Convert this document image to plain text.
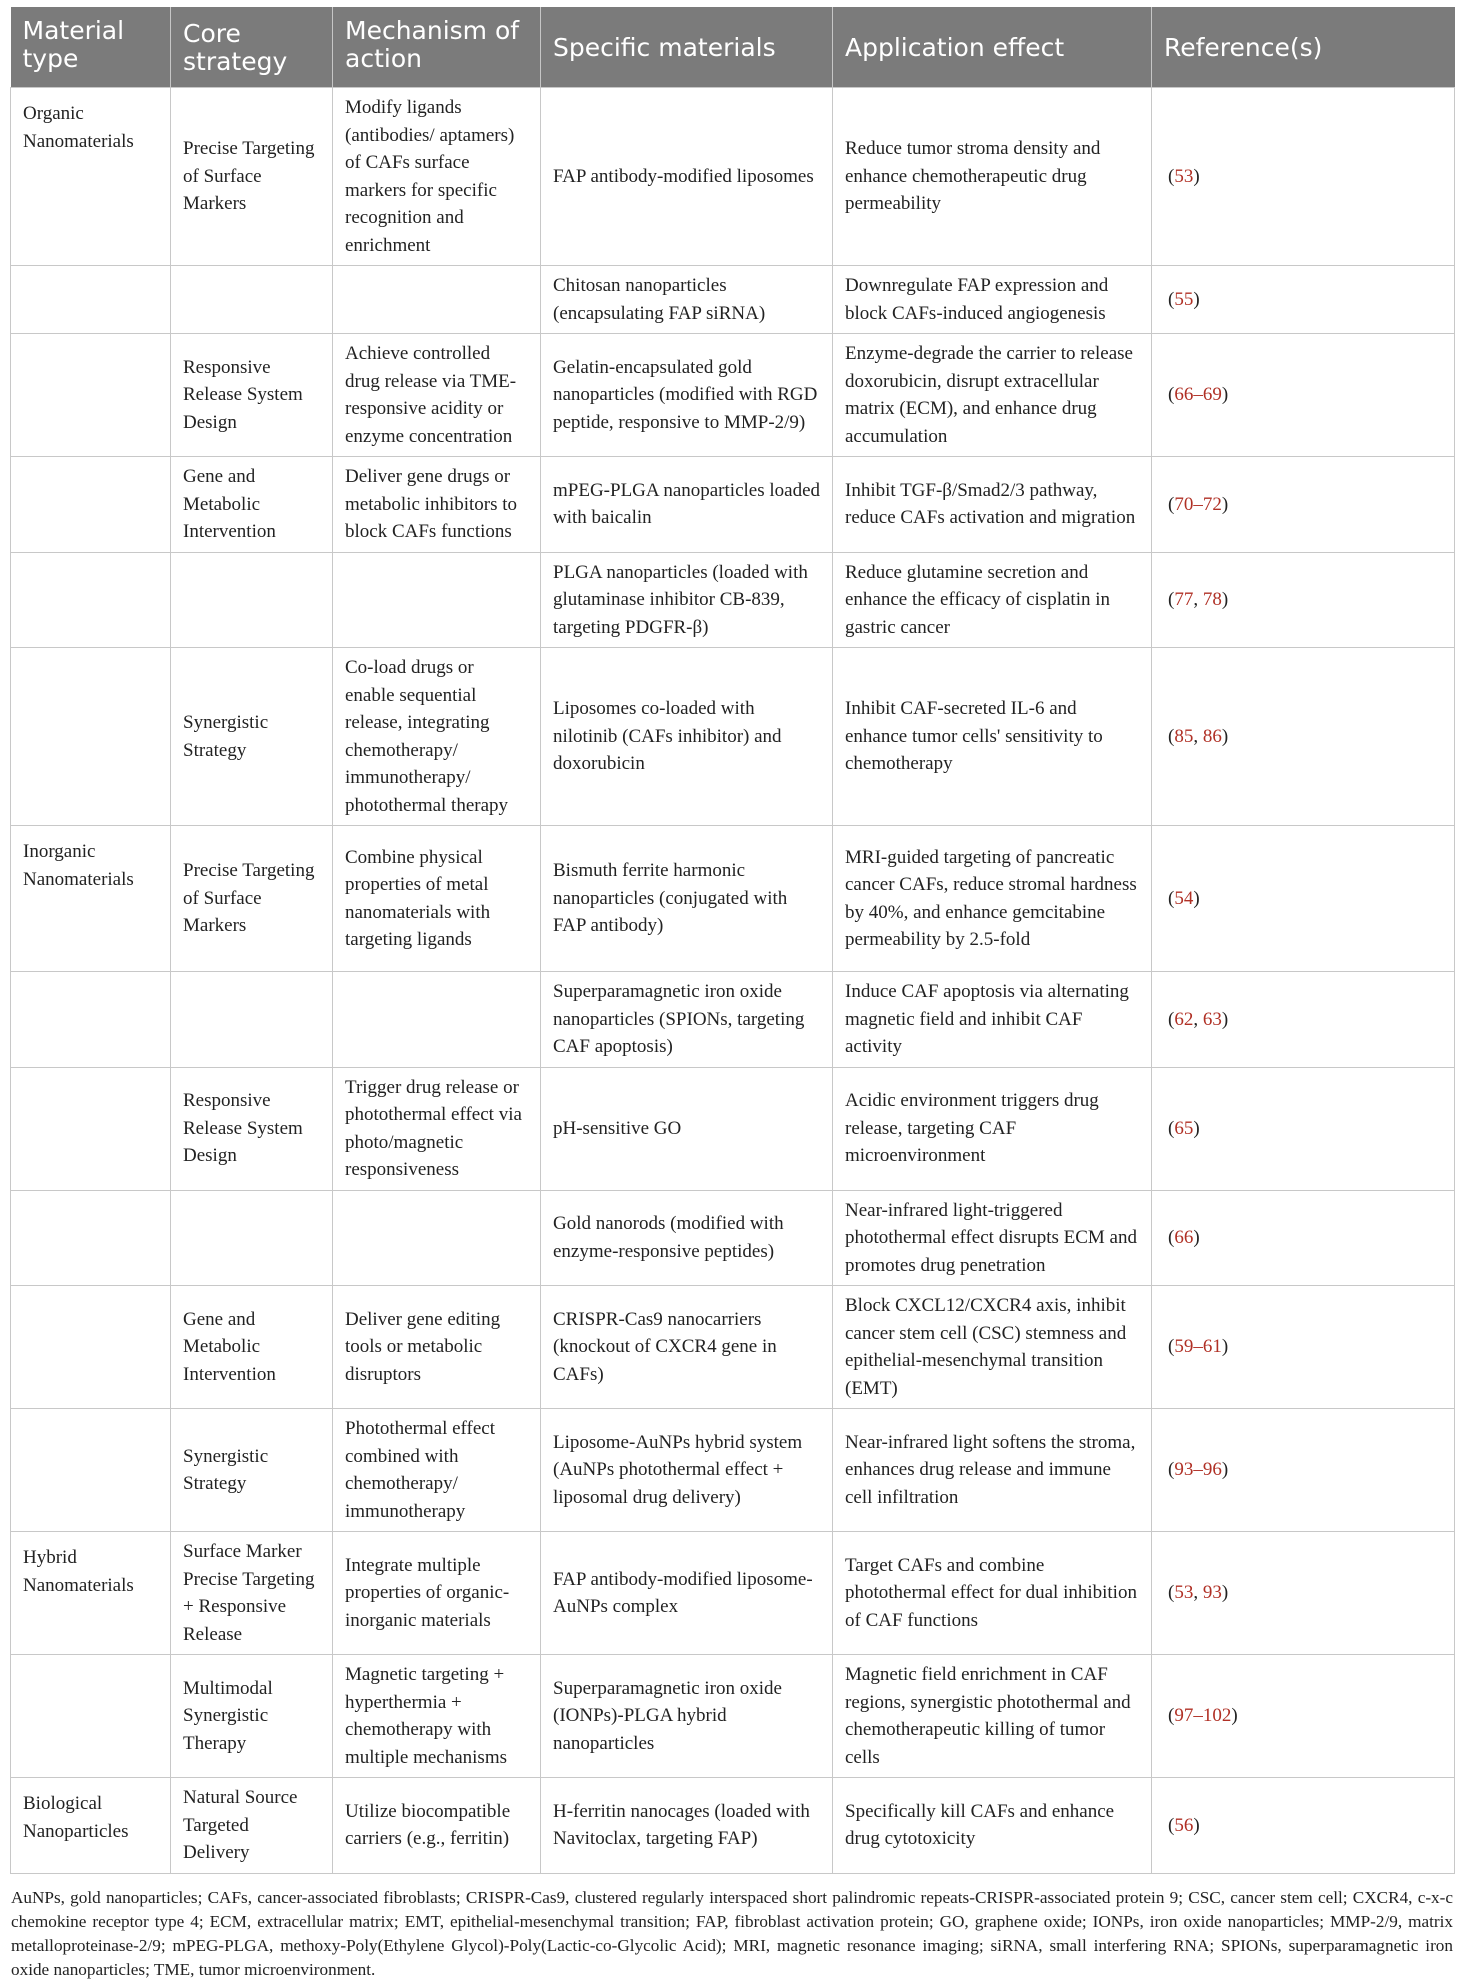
Material type	Core strategy	Mechanism of action	Specific materials	Application effect	Reference(s)
Organic Nanomaterials	Precise Targeting of Surface Markers	Modify ligands (antibodies/ aptamers) of CAFs surface markers for specific recognition and enrichment	FAP antibody-modified liposomes	Reduce tumor stroma density and enhance chemotherapeutic drug permeability	(53)
			Chitosan nanoparticles (encapsulating FAP siRNA)	Downregulate FAP expression and block CAFs-induced angiogenesis	(55)
	Responsive Release System Design	Achieve controlled drug release via TME-responsive acidity or enzyme concentration	Gelatin-encapsulated gold nanoparticles (modified with RGD peptide, responsive to MMP-2/9)	Enzyme-degrade the carrier to release doxorubicin, disrupt extracellular matrix (ECM), and enhance drug accumulation	(66–69)
	Gene and Metabolic Intervention	Deliver gene drugs or metabolic inhibitors to block CAFs functions	mPEG-PLGA nanoparticles loaded with baicalin	Inhibit TGF-β/Smad2/3 pathway, reduce CAFs activation and migration	(70–72)
			PLGA nanoparticles (loaded with glutaminase inhibitor CB-839, targeting PDGFR-β)	Reduce glutamine secretion and enhance the efficacy of cisplatin in gastric cancer	(77, 78)
	Synergistic Strategy	Co-load drugs or enable sequential release, integrating chemotherapy/ immunotherapy/ photothermal therapy	Liposomes co-loaded with nilotinib (CAFs inhibitor) and doxorubicin	Inhibit CAF-secreted IL-6 and enhance tumor cells' sensitivity to chemotherapy	(85, 86)
Inorganic Nanomaterials	Precise Targeting of Surface Markers	Combine physical properties of metal nanomaterials with targeting ligands	Bismuth ferrite harmonic nanoparticles (conjugated with FAP antibody)	MRI-guided targeting of pancreatic cancer CAFs, reduce stromal hardness by 40%, and enhance gemcitabine permeability by 2.5-fold	(54)
			Superparamagnetic iron oxide nanoparticles (SPIONs, targeting CAF apoptosis)	Induce CAF apoptosis via alternating magnetic field and inhibit CAF activity	(62, 63)
	Responsive Release System Design	Trigger drug release or photothermal effect via photo/magnetic responsiveness	pH-sensitive GO	Acidic environment triggers drug release, targeting CAF microenvironment	(65)
			Gold nanorods (modified with enzyme-responsive peptides)	Near-infrared light-triggered photothermal effect disrupts ECM and promotes drug penetration	(66)
	Gene and Metabolic Intervention	Deliver gene editing tools or metabolic disruptors	CRISPR-Cas9 nanocarriers (knockout of CXCR4 gene in CAFs)	Block CXCL12/CXCR4 axis, inhibit cancer stem cell (CSC) stemness and epithelial-mesenchymal transition (EMT)	(59–61)
	Synergistic Strategy	Photothermal effect combined with chemotherapy/ immunotherapy	Liposome-AuNPs hybrid system (AuNPs photothermal effect + liposomal drug delivery)	Near-infrared light softens the stroma, enhances drug release and immune cell infiltration	(93–96)
Hybrid Nanomaterials	Surface Marker Precise Targeting + Responsive Release	Integrate multiple properties of organic-inorganic materials	FAP antibody-modified liposome-AuNPs complex	Target CAFs and combine photothermal effect for dual inhibition of CAF functions	(53, 93)
	Multimodal Synergistic Therapy	Magnetic targeting + hyperthermia + chemotherapy with multiple mechanisms	Superparamagnetic iron oxide (IONPs)-PLGA hybrid nanoparticles	Magnetic field enrichment in CAF regions, synergistic photothermal and chemotherapeutic killing of tumor cells	(97–102)
Biological Nanoparticles	Natural Source Targeted Delivery	Utilize biocompatible carriers (e.g., ferritin)	H-ferritin nanocages (loaded with Navitoclax, targeting FAP)	Specifically kill CAFs and enhance drug cytotoxicity	(56)
AuNPs, gold nanoparticles; CAFs, cancer-associated fibroblasts; CRISPR-Cas9, clustered regularly interspaced short palindromic repeats-CRISPR-associated protein 9; CSC, cancer stem cell; CXCR4, c-x-c chemokine receptor type 4; ECM, extracellular matrix; EMT, epithelial-mesenchymal transition; FAP, fibroblast activation protein; GO, graphene oxide; IONPs, iron oxide nanoparticles; MMP-2/9, matrix metalloproteinase-2/9; mPEG-PLGA, methoxy-Poly(Ethylene Glycol)-Poly(Lactic-co-Glycolic Acid); MRI, magnetic resonance imaging; siRNA, small interfering RNA; SPIONs, superparamagnetic iron oxide nanoparticles; TME, tumor microenvironment.
